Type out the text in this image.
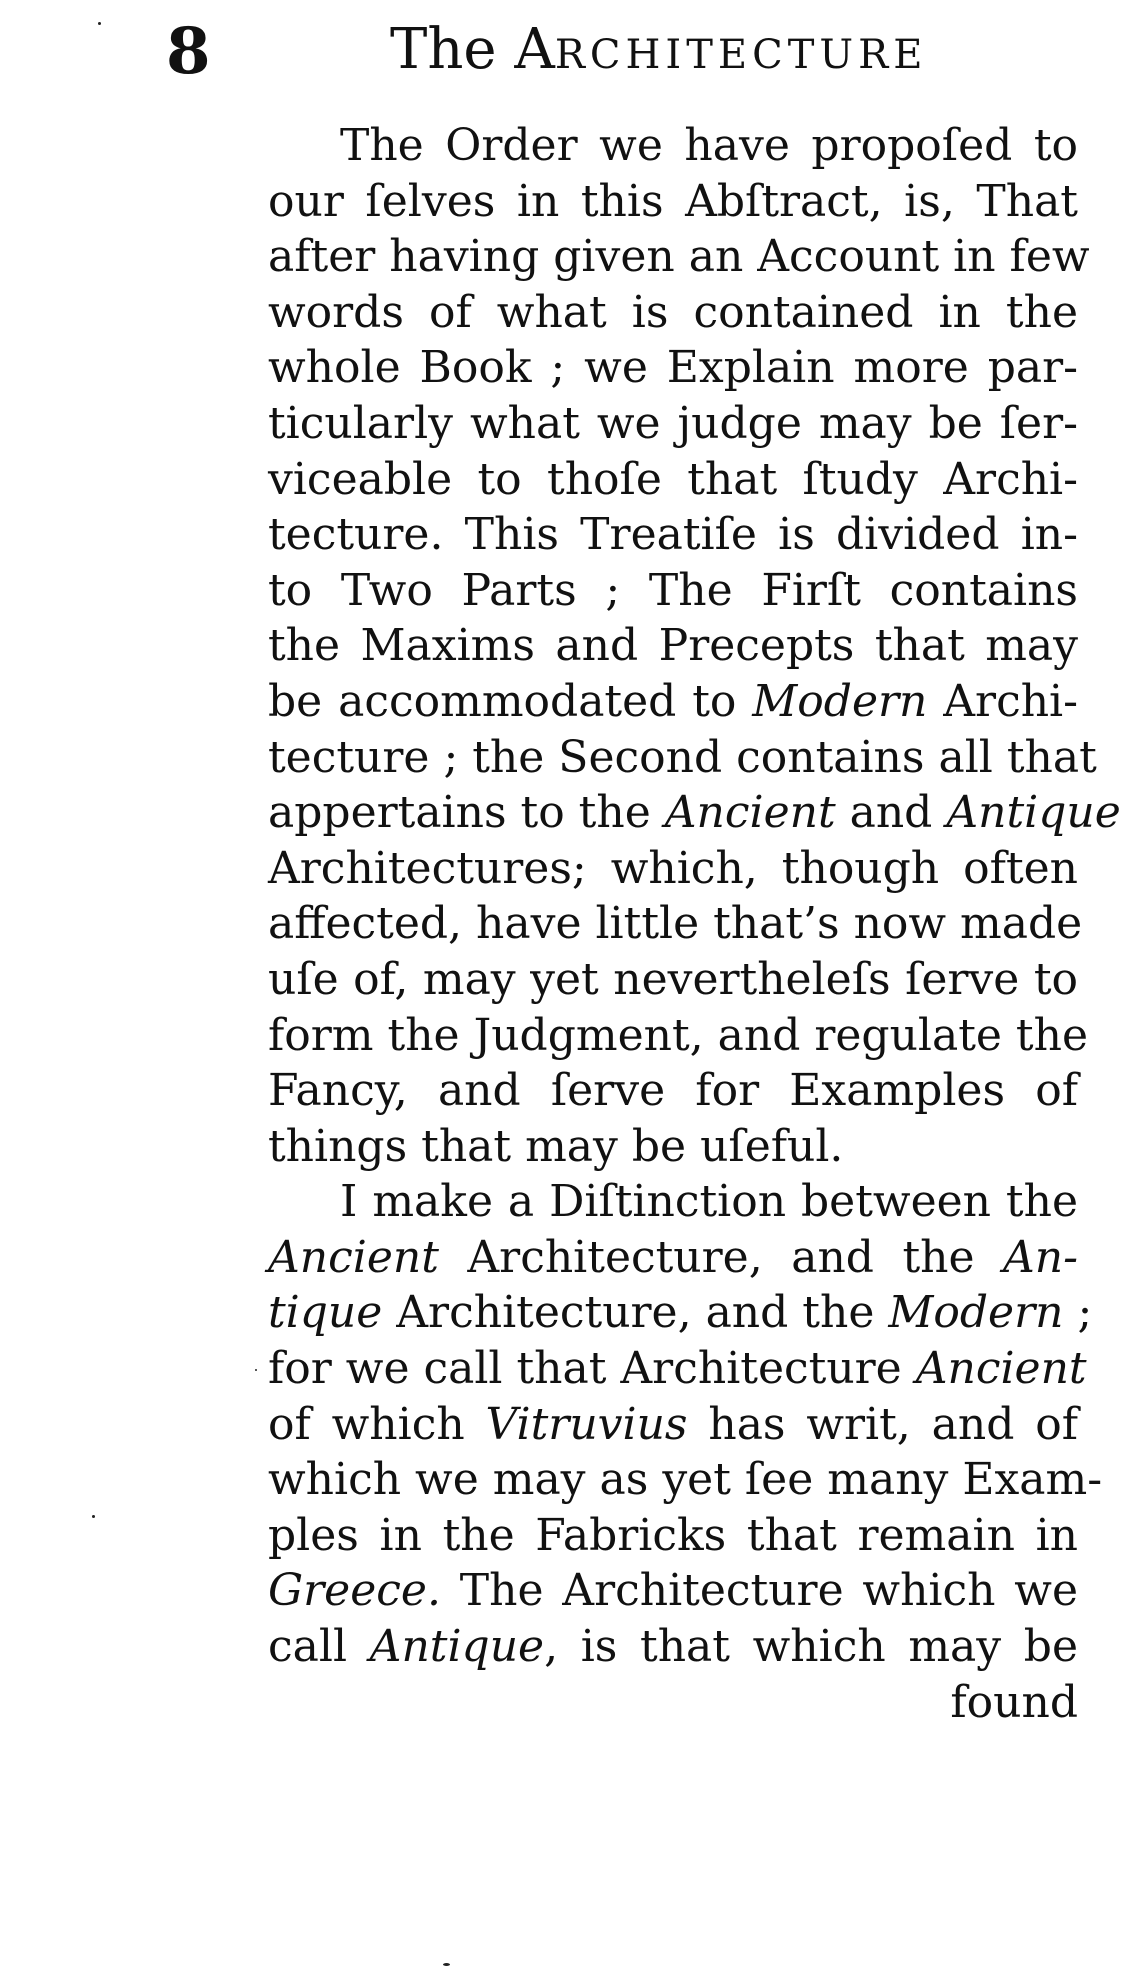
8	The ARCHITECTURE
The Order we have propoſed to
our ſelves in this Abſtract, is, That
after having given an Account in few
words of what is contained in the
whole Book ; we Explain more par-
ticularly what we judge may be ſer-
viceable to thoſe that ſtudy Archi-
tecture. This Treatiſe is divided in-
to Two Parts ; The Firſt contains
the Maxims and Precepts that may
be accommodated to Modern Archi-
tecture ; the Second contains all that
appertains to the Ancient and Antique
Architectures; which, though often
affected, have little that’s now made
uſe of, may yet neverthelеſs ſerve to
form the Judgment, and regulate the
Fancy, and ſerve for Examples of
things that may be uſeful.
I make a Diſtinction between the
Ancient Architecture, and the An-
tique Architecture, and the Modern ;
for we call that Architecture Ancient
of which Vitruvius has writ, and of
which we may as yet ſee many Exam-
ples in the Fabricks that remain in
Greece. The Architecture which we
call Antique, is that which may be
found
